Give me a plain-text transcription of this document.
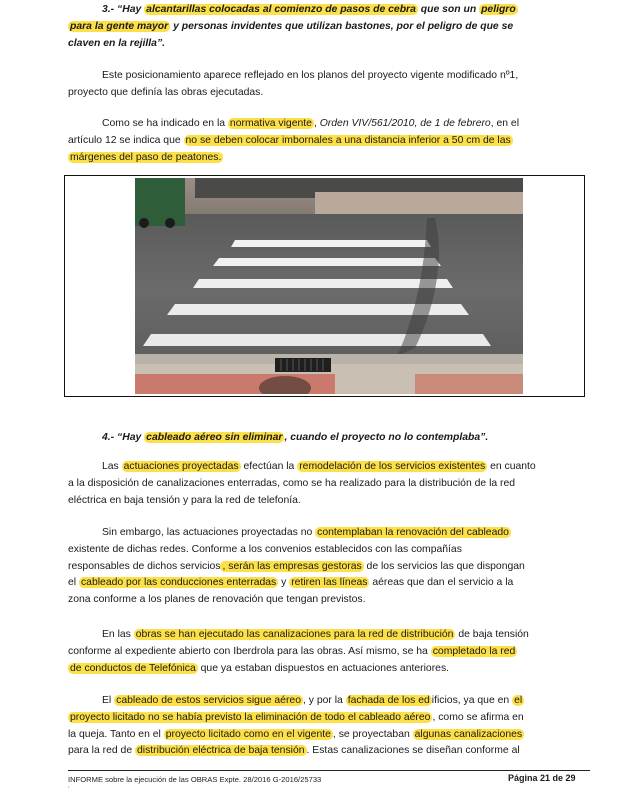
3.- “Hay alcantarillas colocadas al comienzo de pasos de cebra que son un peligro
para la gente mayor y personas invidentes que utilizan bastones, por el peligro de que se
claven en la rejilla”.

Este posicionamiento aparece reflejado en los planos del proyecto vigente modificado nº1,
proyecto que definía las obras ejecutadas.

Como se ha indicado en la normativa vigente , Orden VIV/561/2010, de 1 de febrero, en el
artículo 12 se indica que no se deben colocar imbornales a una distancia inferior a 50 cm de las
márgenes del paso de peatones.

4.- “Hay cableado aéreo sin eliminar , cuando el proyecto no lo contemplaba”.

Las actuaciones proyectadas efectúan la remodelación de los servicios existentes en cuanto
a la disposición de canalizaciones enterradas, como se ha realizado para la distribución de la red
eléctrica en baja tensión y para la red de telefonía.

Sin embargo, las actuaciones proyectadas no contemplaban la renovación del cableado
existente de dichas redes. Conforme a los convenios establecidos con las compañías
responsables de dichos servicios , serán las empresas gestoras de los servicios las que dispongan
el cableado por las conducciones enterradas y retiren las líneas aéreas que dan el servicio a la
zona conforme a los planes de renovación que tengan previstos.

En las obras se han ejecutado las canalizaciones para la red de distribución de baja tensión
conforme al expediente abierto con Iberdrola para las obras. Así mismo, se ha completado la red
de conductos de Telefónica que ya estaban dispuestos en actuaciones anteriores.

El cableado de estos servicios sigue aéreo , y por la fachada de los ed ificios, ya que en el
proyecto licitado no se había previsto la eliminación de todo el cableado aéreo , como se afirma en
la queja. Tanto en el proyecto licitado como en el vigente , se proyectaban algunas canalizaciones
para la red de distribución eléctrica de baja tensión . Estas canalizaciones se diseñan conforme al

INFORME sobre la ejecución de las OBRAS Expte. 28/2016 G-2016/25733	Página 21 de 29
’
